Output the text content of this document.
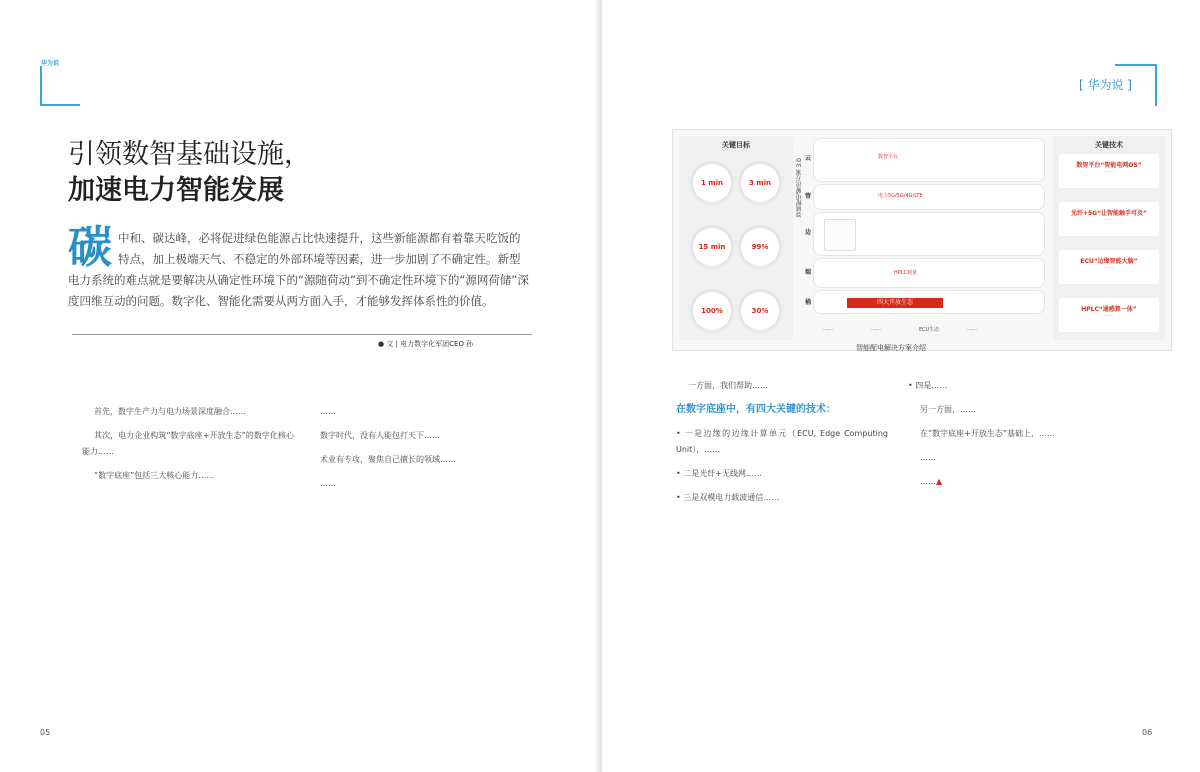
华为说
引领数智基础设施，
加速电力智能发展
碳 中和、碳达峰，必将促进绿色能源占比快速提升，这些新能源都有着靠天吃饭的特点，加上极端天气、不稳定的外部环境等因素，进一步加剧了不确定性。新型电力系统的难点就是要解决从确定性环境下的“源随荷动”到不确定性环境下的“源网荷储”深度四维互动的问题。数字化、智能化需要从两方面入手，才能够发挥体系性的价值。
● 文 | 电力数字化军团CEO 孙

首先，数字生产力与电力场景深度融合……

其次，电力企业构筑“数字底座+开放生态”的数字化核心能力……

“数字底座”包括三大核心能力……

……

数字时代，没有人能包打天下……

术业有专攻，聚焦自己擅长的领域……

……

05
[ 华为说 ]
关键目标
1 min	3 min
15 min	99%
100%	30%
智能配电解决方案 3.0 云	数智平台
管	电力5G/5G/4G/LTE
边
端	HPLC载量
桶	四大开放生态
……	……	ECU生态	……
关键技术
数智平台“智能电网OS”
……
光纤+5G“让智能触手可及”
……
ECU“边缘智能大脑”
……
HPLC“通感算一体”
……
智能配电解决方案介绍

一方面，我们帮助……

在数字底座中，有四大关键的技术：

• 一是边缘的边缘计算单元（ECU, Edge Computing Unit），……

• 二是光纤+无线网……

• 三是双模电力载波通信……

• 四是……

另一方面，……

在“数字底座+开放生态”基础上，……

……

……▲

06
